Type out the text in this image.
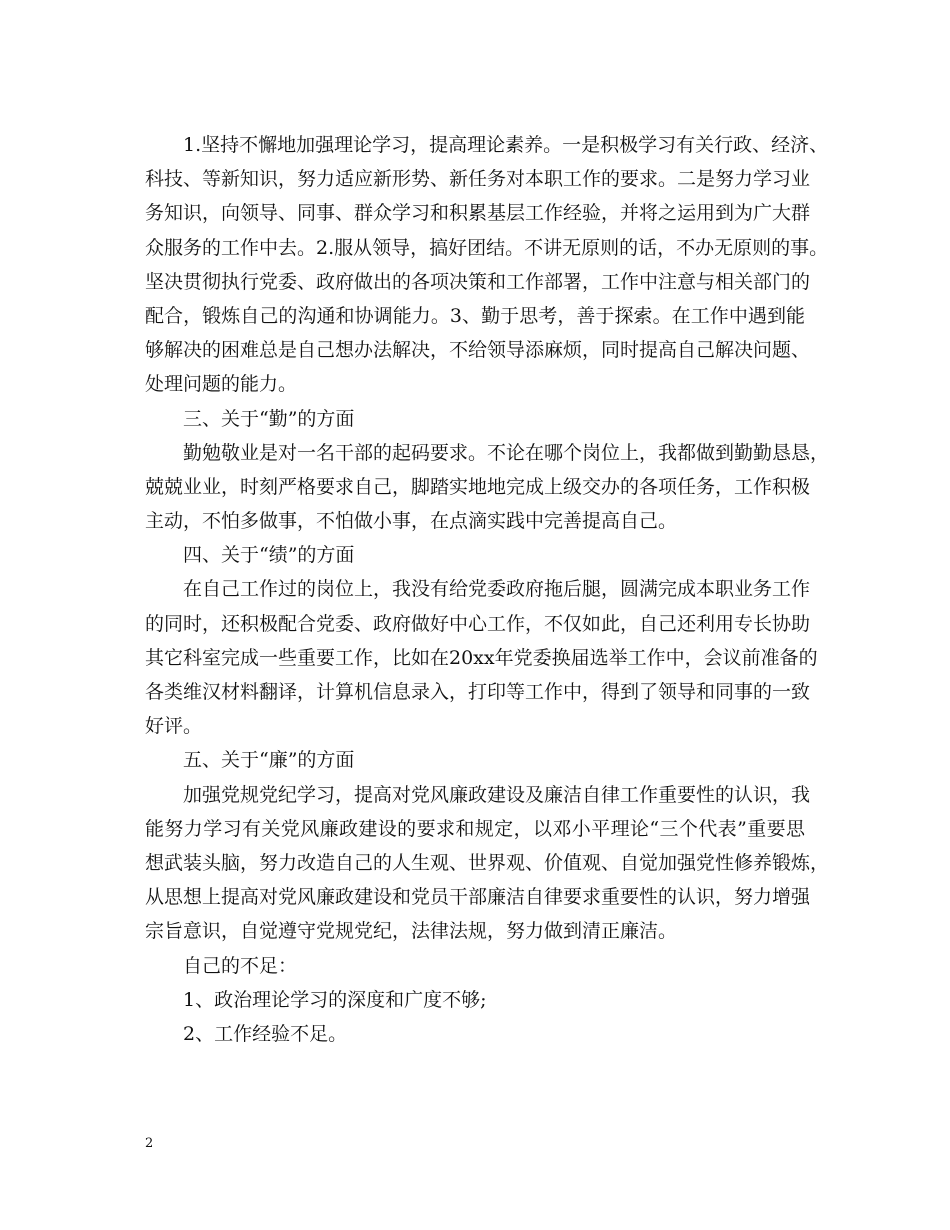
1.坚持不懈地加强理论学习，提高理论素养。一是积极学习有关行政、经济、
科技、等新知识，努力适应新形势、新任务对本职工作的要求。二是努力学习业
务知识，向领导、同事、群众学习和积累基层工作经验，并将之运用到为广大群
众服务的工作中去。2.服从领导，搞好团结。不讲无原则的话，不办无原则的事。
坚决贯彻执行党委、政府做出的各项决策和工作部署，工作中注意与相关部门的
配合，锻炼自己的沟通和协调能力。3、勤于思考，善于探索。在工作中遇到能
够解决的困难总是自己想办法解决，不给领导添麻烦，同时提高自己解决问题、
处理问题的能力。
三、关于“勤”的方面
勤勉敬业是对一名干部的起码要求。不论在哪个岗位上，我都做到勤勤恳恳，
兢兢业业，时刻严格要求自己，脚踏实地地完成上级交办的各项任务，工作积极
主动，不怕多做事，不怕做小事，在点滴实践中完善提高自己。
四、关于“绩”的方面
在自己工作过的岗位上，我没有给党委政府拖后腿，圆满完成本职业务工作
的同时，还积极配合党委、政府做好中心工作，不仅如此，自己还利用专长协助
其它科室完成一些重要工作，比如在20xx年党委换届选举工作中，会议前准备的
各类维汉材料翻译，计算机信息录入，打印等工作中，得到了领导和同事的一致
好评。
五、关于“廉”的方面
加强党规党纪学习，提高对党风廉政建设及廉洁自律工作重要性的认识，我
能努力学习有关党风廉政建设的要求和规定，以邓小平理论“三个代表”重要思
想武装头脑，努力改造自己的人生观、世界观、价值观、自觉加强党性修养锻炼，
从思想上提高对党风廉政建设和党员干部廉洁自律要求重要性的认识，努力增强
宗旨意识，自觉遵守党规党纪，法律法规，努力做到清正廉洁。
自己的不足：
1、政治理论学习的深度和广度不够;
2、工作经验不足。
2
